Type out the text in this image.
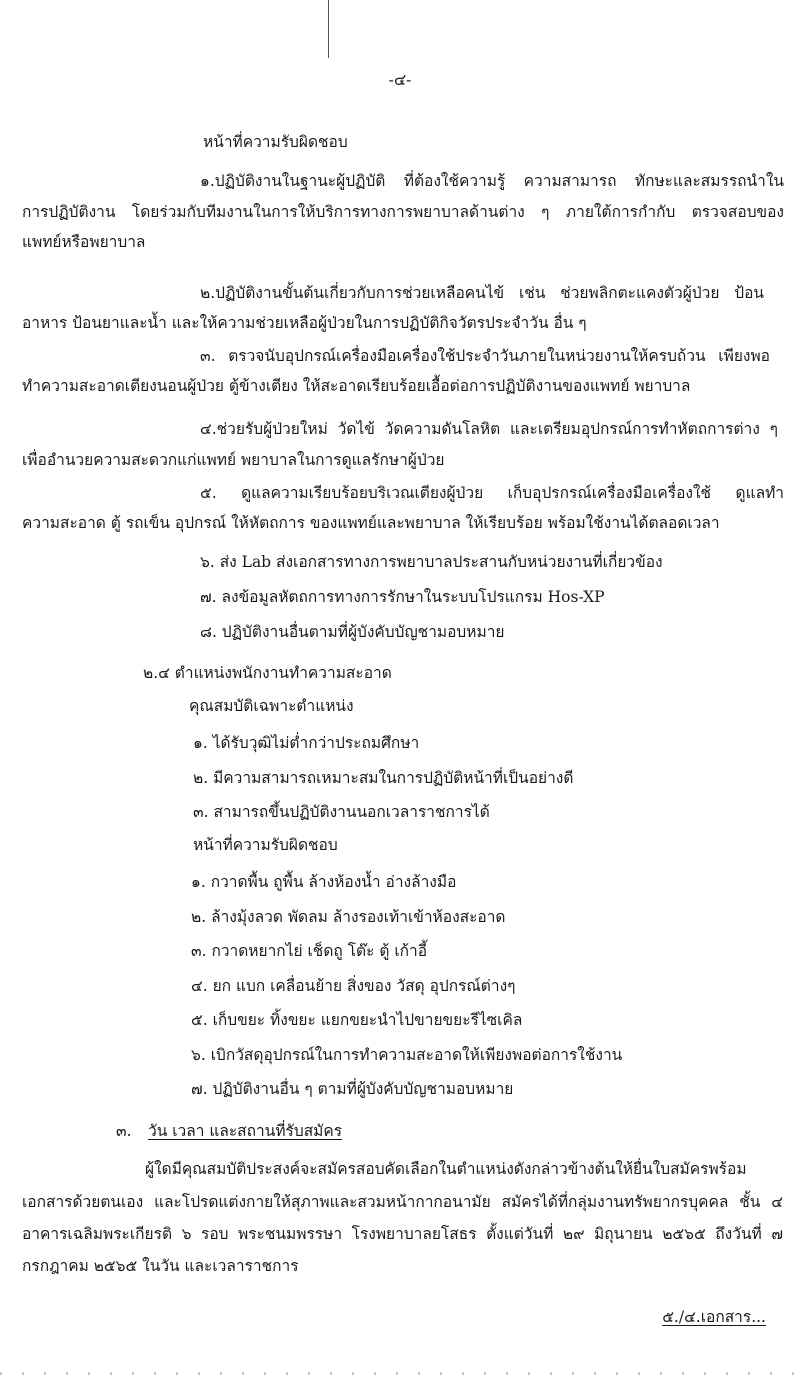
-๔-
หน้าที่ความรับผิดชอบ
๑.ปฏิบัติงานในฐานะผู้ปฏิบัติ ที่ต้องใช้ความรู้ ความสามารถ ทักษะและสมรรถนำใน
การปฏิบัติงาน โดยร่วมกับทีมงานในการให้บริการทางการพยาบาลด้านต่าง ๆ ภายใต้การกำกับ ตรวจสอบของ
แพทย์หรือพยาบาล
๒.ปฏิบัติงานขั้นต้นเกี่ยวกับการช่วยเหลือคนไข้ เช่น ช่วยพลิกตะแคงตัวผู้ป่วย ป้อน
อาหาร ป้อนยาและน้ำ และให้ความช่วยเหลือผู้ป่วยในการปฏิบัติกิจวัตรประจำวัน อื่น ๆ
๓. ตรวจนับอุปกรณ์เครื่องมือเครื่องใช้ประจำวันภายในหน่วยงานให้ครบถ้วน เพียงพอ
ทำความสะอาดเตียงนอนผู้ป่วย ตู้ข้างเตียง ให้สะอาดเรียบร้อยเอื้อต่อการปฏิบัติงานของแพทย์ พยาบาล
๔.ช่วยรับผู้ป่วยใหม่ วัดไข้ วัดความดันโลหิต และเตรียมอุปกรณ์การทำหัตถการต่าง ๆ
เพื่ออำนวยความสะดวกแก่แพทย์ พยาบาลในการดูแลรักษาผู้ป่วย
๕. ดูแลความเรียบร้อยบริเวณเตียงผู้ป่วย เก็บอุปรกรณ์เครื่องมือเครื่องใช้ ดูแลทำ
ความสะอาด ตู้ รถเข็น อุปกรณ์ ให้หัตถการ ของแพทย์และพยาบาล ให้เรียบร้อย พร้อมใช้งานได้ตลอดเวลา
๖. ส่ง Lab ส่งเอกสารทางการพยาบาลประสานกับหน่วยงานที่เกี่ยวข้อง
๗. ลงข้อมูลหัตถการทางการรักษาในระบบโปรแกรม Hos-XP
๘. ปฏิบัติงานอื่นตามที่ผู้บังคับบัญชามอบหมาย
๒.๔ ตำแหน่งพนักงานทำความสะอาด
คุณสมบัติเฉพาะตำแหน่ง
๑. ได้รับวุฒิไม่ต่ำกว่าประถมศึกษา
๒. มีความสามารถเหมาะสมในการปฏิบัติหน้าที่เป็นอย่างดี
๓. สามารถขึ้นปฏิบัติงานนอกเวลาราชการได้
หน้าที่ความรับผิดชอบ
๑. กวาดพื้น ถูพื้น ล้างห้องน้ำ อ่างล้างมือ
๒. ล้างมุ้งลวด พัดลม ล้างรองเท้าเข้าห้องสะอาด
๓. กวาดหยากไย่ เช็ดถู โต๊ะ ตู้ เก้าอี้
๔. ยก แบก เคลื่อนย้าย สิ่งของ วัสดุ อุปกรณ์ต่างๆ
๕. เก็บขยะ ทิ้งขยะ แยกขยะนำไปขายขยะรีไซเคิล
๖. เบิกวัสดุอุปกรณ์ในการทำความสะอาดให้เพียงพอต่อการใช้งาน
๗. ปฏิบัติงานอื่น ๆ ตามที่ผู้บังคับบัญชามอบหมาย
๓. วัน เวลา และสถานที่รับสมัคร
ผู้ใดมีคุณสมบัติประสงค์จะสมัครสอบคัดเลือกในตำแหน่งดังกล่าวข้างต้นให้ยื่นใบสมัครพร้อม
เอกสารด้วยตนเอง และโปรดแต่งกายให้สุภาพและสวมหน้ากากอนามัย สมัครได้ที่กลุ่มงานทรัพยากรบุคคล ชั้น ๔
อาคารเฉลิมพระเกียรติ ๖ รอบ พระชนมพรรษา โรงพยาบาลยโสธร ตั้งแต่วันที่ ๒๙ มิถุนายน ๒๕๖๕ ถึงวันที่ ๗
กรกฎาคม ๒๕๖๕ ในวัน และเวลาราชการ
๕./๔.เอกสาร...
